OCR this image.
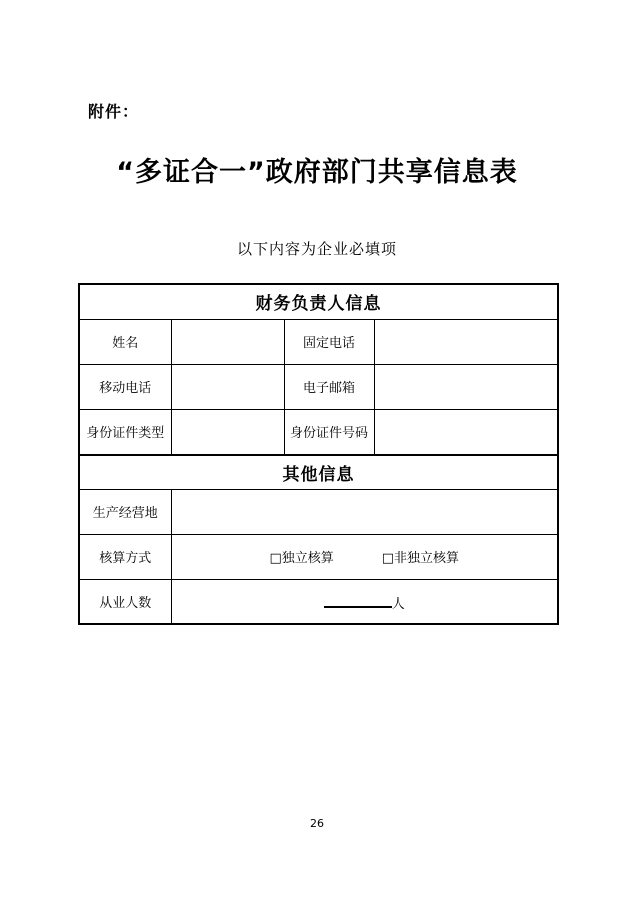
附件：
“多证合一”政府部门共享信息表
以下内容为企业必填项
财务负责人信息			
姓名		固定电话	
移动电话		电子邮箱	
身份证件类型		身份证件号码	
其他信息			
生产经营地			
核算方式	□独立核算 □非独立核算		
从业人数	人		
26
